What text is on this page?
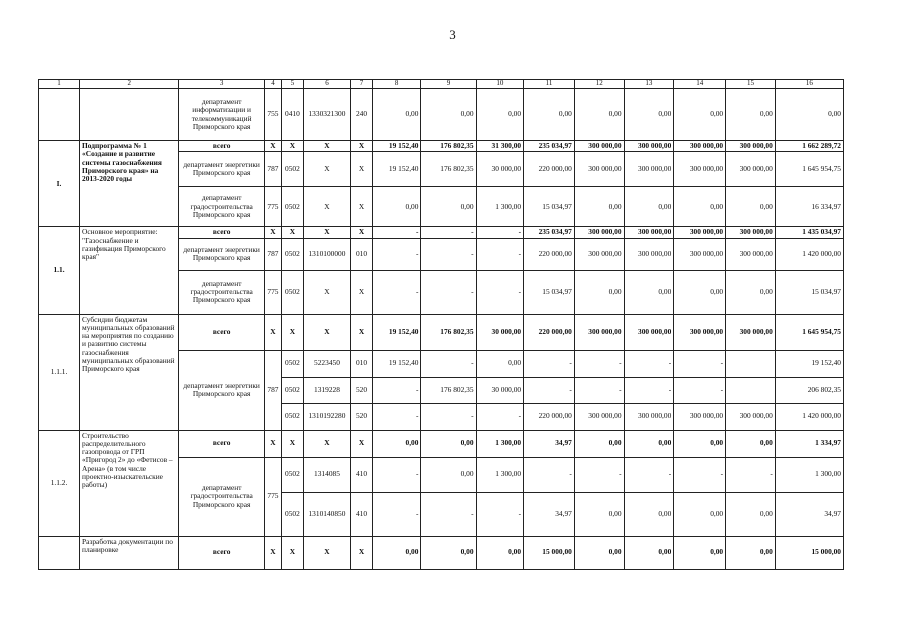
3
1	2	3	4	5	6	7	8	9	10	11	12	13	14	15	16
		департамент информатизации и телекоммуникаций Приморского края	755	0410	1330321300	240	0,00	0,00	0,00	0,00	0,00	0,00	0,00	0,00	0,00
I.	Подпрограмма № 1 «Создание и развитие системы газоснабжения Приморского края» на 2013-2020 годы	всего	X	X	X	X	19 152,40	176 802,35	31 300,00	235 034,97	300 000,00	300 000,00	300 000,00	300 000,00	1 662 289,72
		департамент энергетики Приморского края	787	0502	X	X	19 152,40	176 802,35	30 000,00	220 000,00	300 000,00	300 000,00	300 000,00	300 000,00	1 645 954,75
		департамент градостроительства Приморского края	775	0502	X	X	0,00	0,00	1 300,00	15 034,97	0,00	0,00	0,00	0,00	16 334,97
1.1.	Основное мероприятие: "Газоснабжение и газификация Приморского края"	всего	X	X	X	X	-	-	-	235 034,97	300 000,00	300 000,00	300 000,00	300 000,00	1 435 034,97
		департамент энергетики Приморского края	787	0502	1310100000	010	-	-	-	220 000,00	300 000,00	300 000,00	300 000,00	300 000,00	1 420 000,00
		департамент градостроительства Приморского края	775	0502	X	X	-	-	-	15 034,97	0,00	0,00	0,00	0,00	15 034,97
1.1.1.	Субсидии бюджетам муниципальных образований на мероприятия по созданию и развитию системы газоснабжения муниципальных образований Приморского края	всего	X	X	X	X	19 152,40	176 802,35	30 000,00	220 000,00	300 000,00	300 000,00	300 000,00	300 000,00	1 645 954,75
		департамент энергетики Приморского края	787	0502	5223450	010	19 152,40	-	0,00	-	-	-	-		19 152,40
				0502	1319228	520	-	176 802,35	30 000,00	-	-	-	-		206 802,35
				0502	1310192280	520	-	-	-	220 000,00	300 000,00	300 000,00	300 000,00	300 000,00	1 420 000,00
1.1.2.	Строительство распределительного газопровода от ГРП «Пригород 2» до «Фетисов – Арена» (в том числе проектно-изыскательские работы)	всего	X	X	X	X	0,00	0,00	1 300,00	34,97	0,00	0,00	0,00	0,00	1 334,97
		департамент градостроительства Приморского края	775	0502	1314085	410	-	0,00	1 300,00	-	-	-	-	-	1 300,00
				0502	1310140850	410	-	-	-	34,97	0,00	0,00	0,00	0,00	34,97
	Разработка документации по планировке	всего	X	X	X	X	0,00	0,00	0,00	15 000,00	0,00	0,00	0,00	0,00	15 000,00
